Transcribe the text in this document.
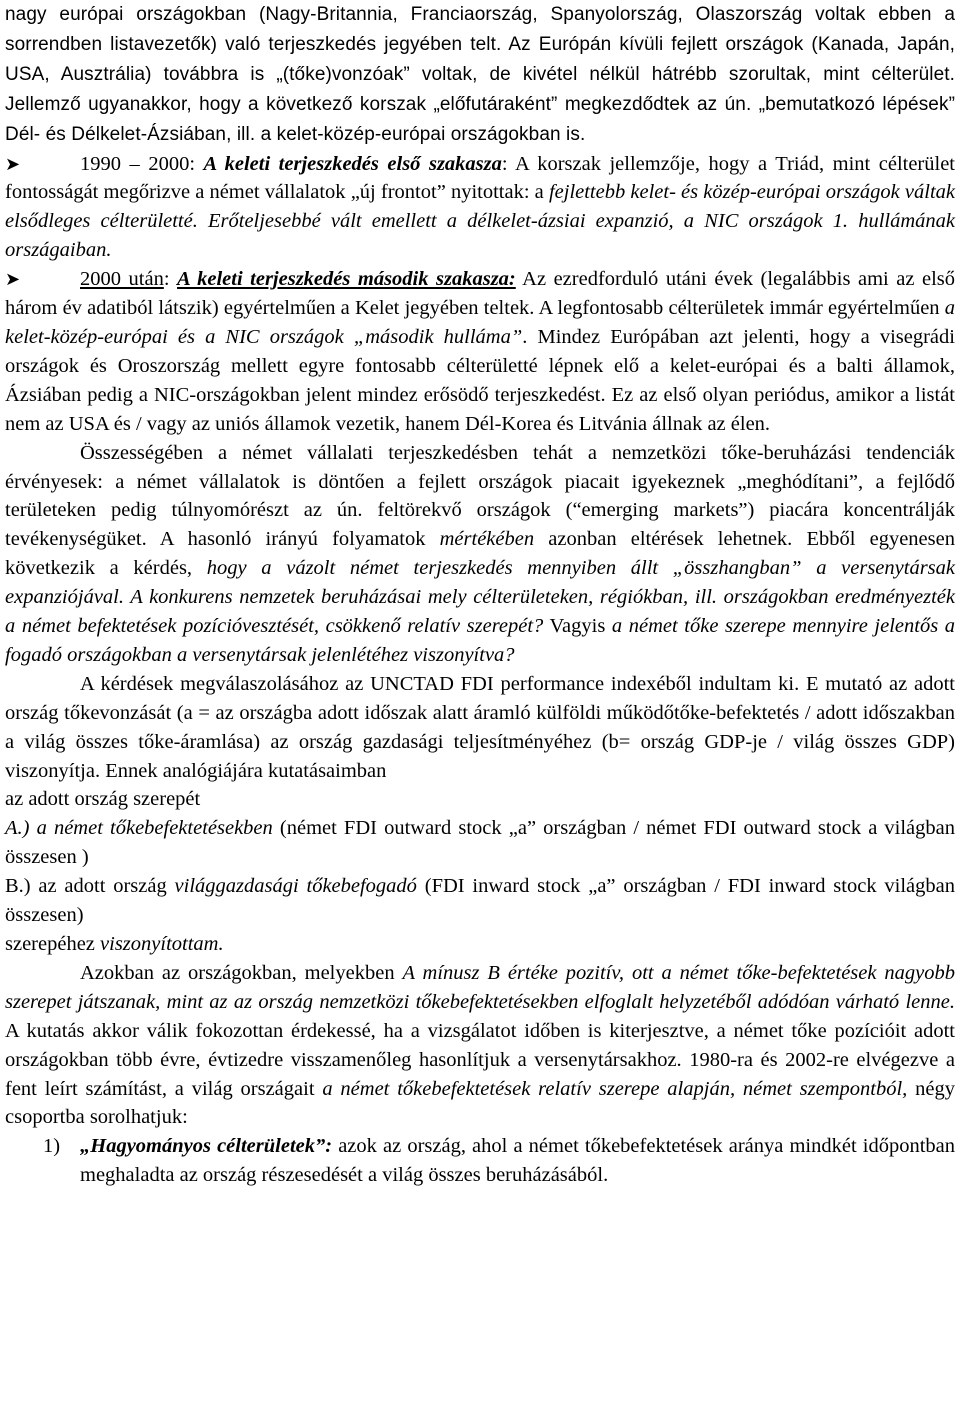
nagy európai országokban (Nagy-Britannia, Franciaország, Spanyolország, Olaszország voltak ebben a sorrendben listavezetők) való terjeszkedés jegyében telt. Az Európán kívüli fejlett országok (Kanada, Japán, USA, Ausztrália) továbbra is „(tőke)vonzóak” voltak, de kivétel nélkül hátrébb szorultak, mint célterület. Jellemző ugyanakkor, hogy a következő korszak „előfutáraként” megkezdődtek az ún. „bemutatkozó lépések” Dél- és Délkelet-Ázsiában, ill. a kelet-közép-európai országokban is.

➤	1990 – 2000: A keleti terjeszkedés első szakasza: A korszak jellemzője, hogy a Triád, mint célterület fontosságát megőrizve a német vállalatok „új frontot” nyitottak: a fejlettebb kelet- és közép-európai országok váltak elsődleges célterületté. Erőteljesebbé vált emellett a délkelet-ázsiai expanzió, a NIC országok 1. hullámának országaiban.

➤	2000 után: A keleti terjeszkedés második szakasza: Az ezredforduló utáni évek (legalábbis ami az első három év adatiból látszik) egyértelműen a Kelet jegyében teltek. A legfontosabb célterületek immár egyértelműen a kelet-közép-európai és a NIC országok „második hulláma”. Mindez Európában azt jelenti, hogy a visegrádi országok és Oroszország mellett egyre fontosabb célterületté lépnek elő a kelet-európai és a balti államok, Ázsiában pedig a NIC-országokban jelent mindez erősödő terjeszkedést. Ez az első olyan periódus, amikor a listát nem az USA és / vagy az uniós államok vezetik, hanem Dél-Korea és Litvánia állnak az élen.

Összességében a német vállalati terjeszkedésben tehát a nemzetközi tőke-beruházási tendenciák érvényesek: a német vállalatok is döntően a fejlett országok piacait igyekeznek „meghódítani”, a fejlődő területeken pedig túlnyomórészt az ún. feltörekvő országok (“emerging markets”) piacára koncentrálják tevékenységüket. A hasonló irányú folyamatok mértékében azonban eltérések lehetnek. Ebből egyenesen következik a kérdés, hogy a vázolt német terjeszkedés mennyiben állt „összhangban” a versenytársak expanziójával. A konkurens nemzetek beruházásai mely célterületeken, régiókban, ill. országokban eredményezték a német befektetések pozícióvesztését, csökkenő relatív szerepét? Vagyis a német tőke szerepe mennyire jelentős a fogadó országokban a versenytársak jelenlétéhez viszonyítva?

A kérdések megválaszolásához az UNCTAD FDI performance indexéből indultam ki. E mutató az adott ország tőkevonzását (a = az országba adott időszak alatt áramló külföldi működőtőke-befektetés / adott időszakban a világ összes tőke-áramlása) az ország gazdasági teljesítményéhez (b= ország GDP-je / világ összes GDP) viszonyítja. Ennek analógiájára kutatásaimban

az adott ország szerepét

A.) a német tőkebefektetésekben (német FDI outward stock „a” országban / német FDI outward stock a világban összesen )

B.) az adott ország világgazdasági tőkebefogadó (FDI inward stock „a” országban / FDI inward stock világban összesen)

szerepéhez viszonyítottam.

Azokban az országokban, melyekben A mínusz B értéke pozitív, ott a német tőke-befektetések nagyobb szerepet játszanak, mint az az ország nemzetközi tőkebefektetésekben elfoglalt helyzetéből adódóan várható lenne. A kutatás akkor válik fokozottan érdekessé, ha a vizsgálatot időben is kiterjesztve, a német tőke pozícióit adott országokban több évre, évtizedre visszamenőleg hasonlítjuk a versenytársakhoz. 1980-ra és 2002-re elvégezve a fent leírt számítást, a világ országait a német tőkebefektetések relatív szerepe alapján, német szempontból, négy csoportba sorolhatjuk:

1) „Hagyományos célterületek”: azok az ország, ahol a német tőkebefektetések aránya mindkét időpontban meghaladta az ország részesedését a világ összes beruházásából.
